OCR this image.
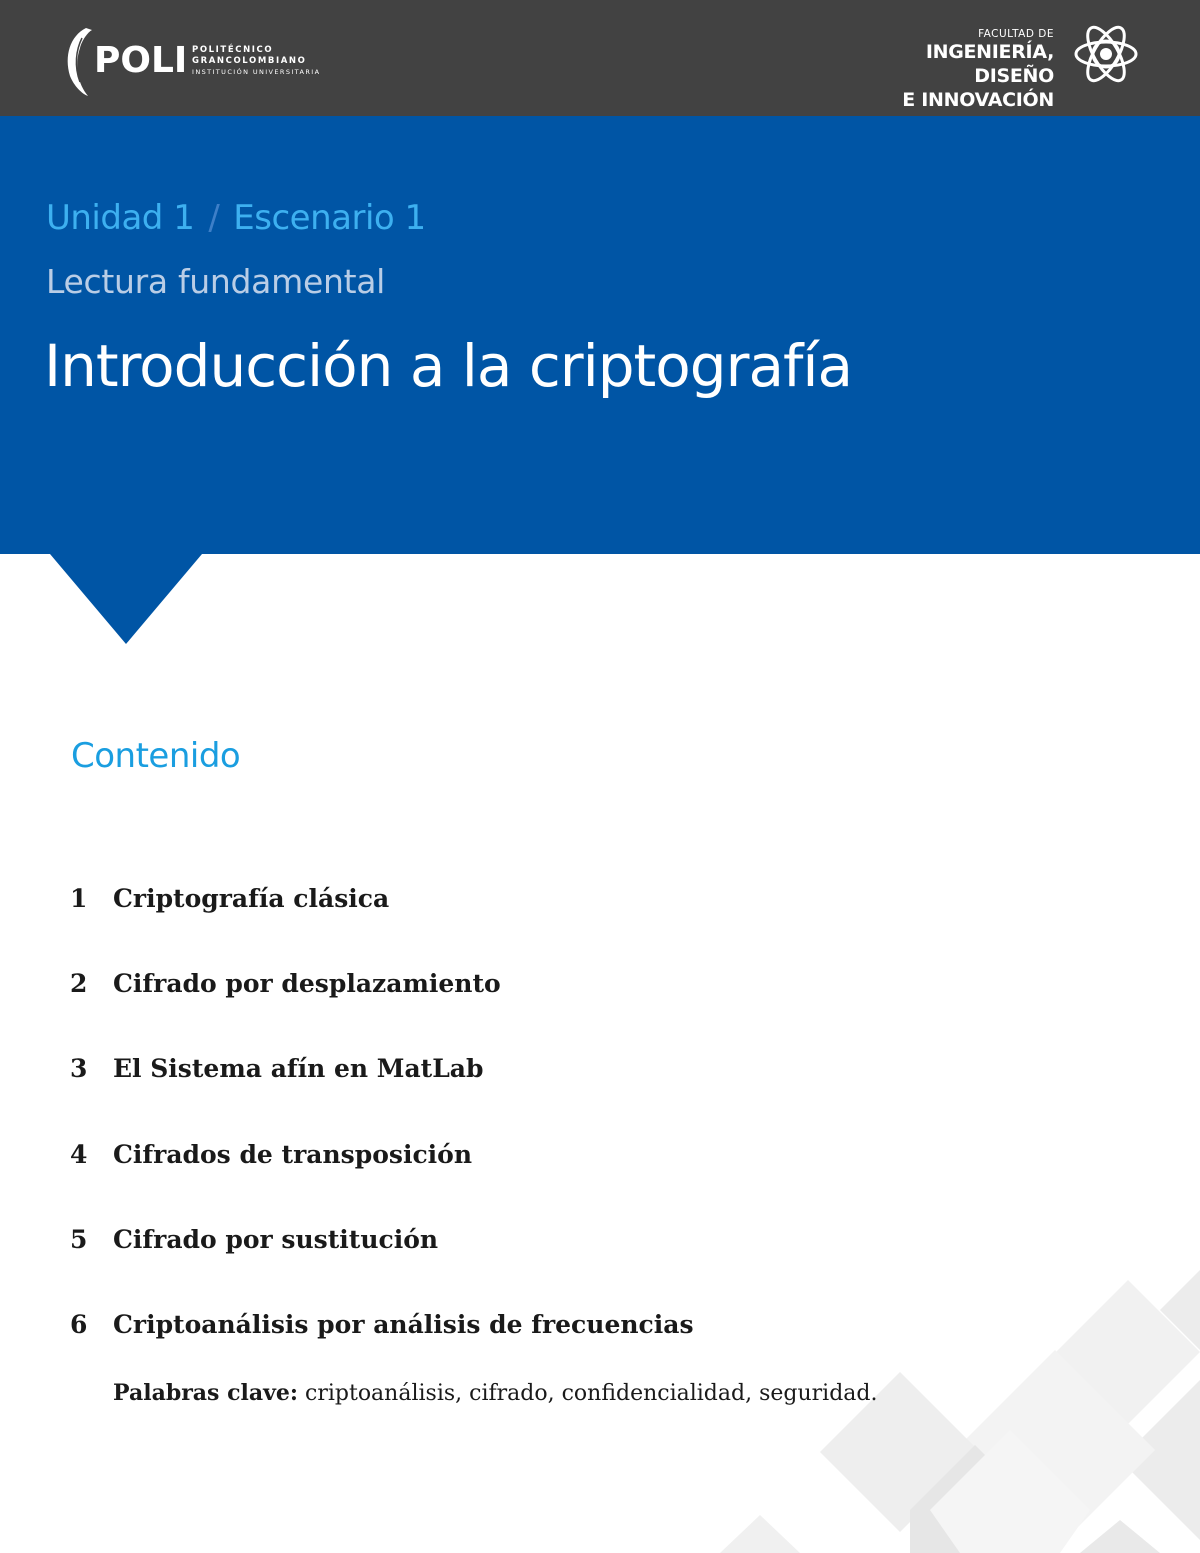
POLI POLITÉCNICO
GRANCOLOMBIANO
INSTITUCIÓN UNIVERSITARIA
FACULTAD DE
INGENIERÍA, DISEÑO
E INNOVACIÓN
Unidad 1 / Escenario 1
Lectura fundamental
Introducción a la criptografía
Contenido
1	Criptografía clásica
2	Cifrado por desplazamiento
3	El Sistema afín en MatLab
4	Cifrados de transposición
5	Cifrado por sustitución
6	Criptoanálisis por análisis de frecuencias
Palabras clave: criptoanálisis, cifrado, confidencialidad, seguridad.
